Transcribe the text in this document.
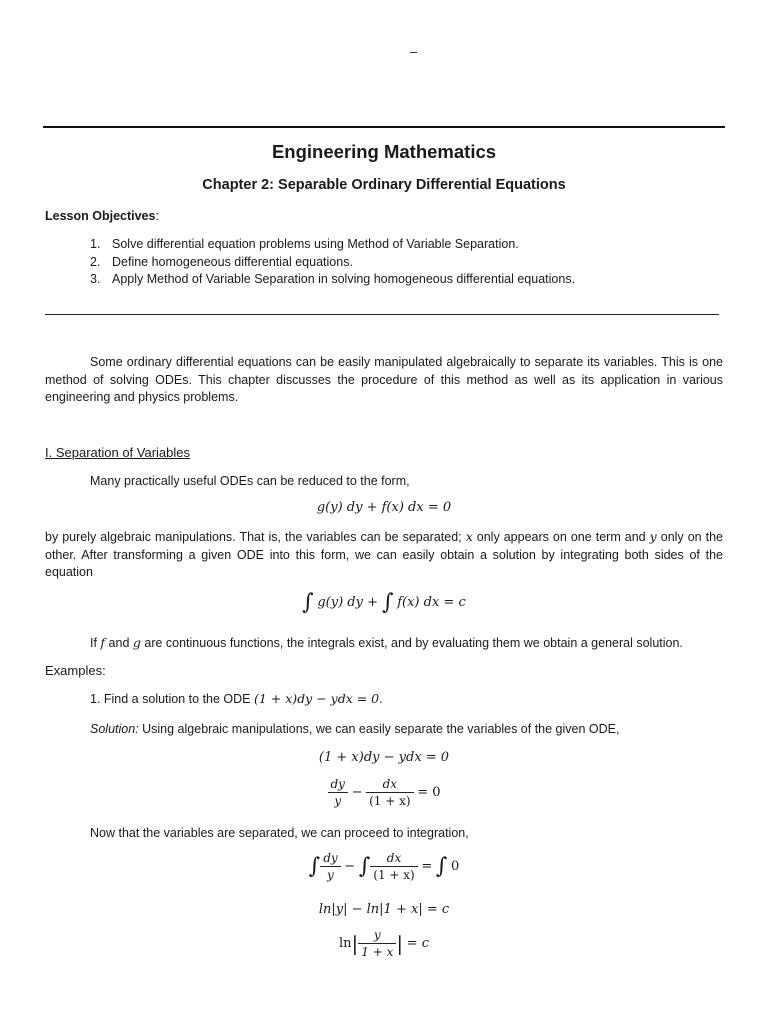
–
Engineering Mathematics
Chapter 2: Separable Ordinary Differential Equations
Lesson Objectives:
1. Solve differential equation problems using Method of Variable Separation.
2. Define homogeneous differential equations.
3. Apply Method of Variable Separation in solving homogeneous differential equations.
Some ordinary differential equations can be easily manipulated algebraically to separate its variables. This is one method of solving ODEs. This chapter discusses the procedure of this method as well as its application in various engineering and physics problems.
I. Separation of Variables
Many practically useful ODEs can be reduced to the form,
g(y) dy + f(x) dx = 0
by purely algebraic manipulations. That is, the variables can be separated; x only appears on one term and y only on the other. After transforming a given ODE into this form, we can easily obtain a solution by integrating both sides of the equation
∫ g(y) dy + ∫ f(x) dx = c
If f and g are continuous functions, the integrals exist, and by evaluating them we obtain a general solution.
Examples:
1. Find a solution to the ODE (1 + x)dy − ydx = 0.
Solution: Using algebraic manipulations, we can easily separate the variables of the given ODE,
(1 + x)dy − ydx = 0
$\frac{dy}{y} - \frac{dx}{(1 + x)} = 0$
Now that the variables are separated, we can proceed to integration,
∫ $\frac{dy}{y}$ − ∫ $\frac{dx}{(1 + x)}$ = ∫ 0
ln|y| − ln|1 + x| = c
$\ln| \frac{y}{1 + x}$ | = c
